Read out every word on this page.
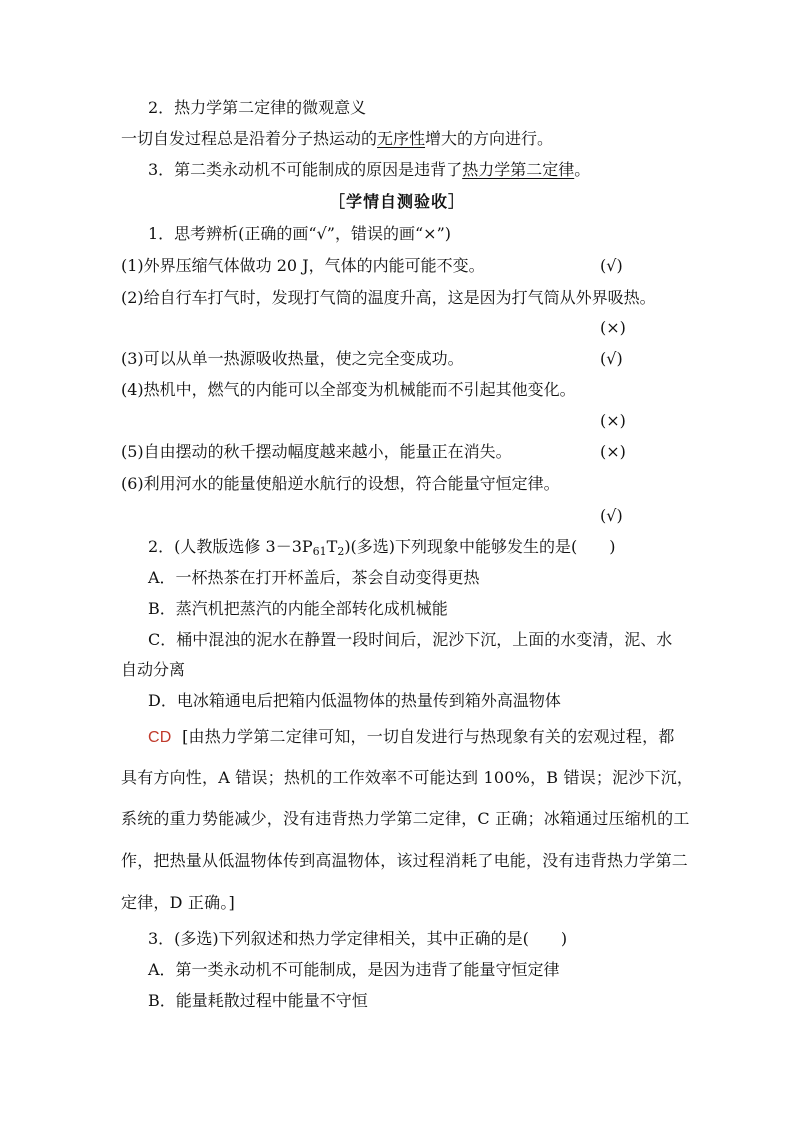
2．热力学第二定律的微观意义
一切自发过程总是沿着分子热运动的无序性增大的方向进行。
3．第二类永动机不可能制成的原因是违背了热力学第二定律。
［学情自测验收］
1．思考辨析(正确的画“√”，错误的画“×”)
(1)外界压缩气体做功 20 J，气体的内能可能不变。	(√)
(2)给自行车打气时，发现打气筒的温度升高，这是因为打气筒从外界吸热。
(×)
(3)可以从单一热源吸收热量，使之完全变成功。	(√)
(4)热机中，燃气的内能可以全部变为机械能而不引起其他变化。
(×)
(5)自由摆动的秋千摆动幅度越来越小，能量正在消失。	(×)
(6)利用河水的能量使船逆水航行的设想，符合能量守恒定律。
(√)
2．(人教版选修 $3-3P_{61}T_2$)(多选)下列现象中能够发生的是(　　)
A．一杯热茶在打开杯盖后，茶会自动变得更热
B．蒸汽机把蒸汽的内能全部转化成机械能
C．桶中混浊的泥水在静置一段时间后，泥沙下沉，上面的水变清，泥、水
自动分离
D．电冰箱通电后把箱内低温物体的热量传到箱外高温物体
CD [由热力学第二定律可知，一切自发进行与热现象有关的宏观过程，都
具有方向性，A 错误；热机的工作效率不可能达到 100%，B 错误；泥沙下沉，
系统的重力势能减少，没有违背热力学第二定律，C 正确；冰箱通过压缩机的工
作，把热量从低温物体传到高温物体，该过程消耗了电能，没有违背热力学第二
定律，D 正确。]
3．(多选)下列叙述和热力学定律相关，其中正确的是(　　)
A．第一类永动机不可能制成，是因为违背了能量守恒定律
B．能量耗散过程中能量不守恒
